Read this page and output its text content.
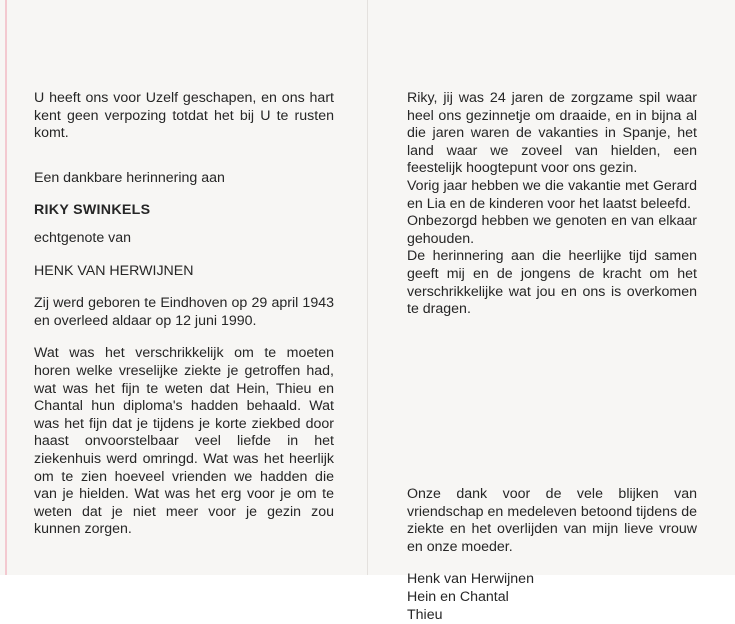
U heeft ons voor Uzelf geschapen, en ons hart kent geen verpozing totdat het bij U te rusten komt.

Een dankbare herinnering aan

RIKY SWINKELS

echtgenote van

HENK VAN HERWIJNEN

Zij werd geboren te Eindhoven op 29 april 1943 en overleed aldaar op 12 juni 1990.

Wat was het verschrikkelijk om te moeten horen welke vreselijke ziekte je getroffen had, wat was het fijn te weten dat Hein, Thieu en Chantal hun diploma's hadden behaald. Wat was het fijn dat je tijdens je korte ziekbed door haast onvoorstelbaar veel liefde in het ziekenhuis werd omringd. Wat was het heerlijk om te zien hoeveel vrienden we hadden die van je hielden. Wat was het erg voor je om te weten dat je niet meer voor je gezin zou kunnen zorgen.

Riky, jij was 24 jaren de zorgzame spil waar heel ons gezinnetje om draaide, en in bijna al die jaren waren de vakanties in Spanje, het land waar we zoveel van hielden, een feestelijk hoogtepunt voor ons gezin.

Vorig jaar hebben we die vakantie met Gerard en Lia en de kinderen voor het laatst beleefd.

Onbezorgd hebben we genoten en van elkaar gehouden.

De herinnering aan die heerlijke tijd samen geeft mij en de jongens de kracht om het verschrikkelijke wat jou en ons is overkomen te dragen.

Onze dank voor de vele blijken van vriendschap en medeleven betoond tijdens de ziekte en het overlijden van mijn lieve vrouw en onze moeder.

Henk van Herwijnen

Hein en Chantal

Thieu
